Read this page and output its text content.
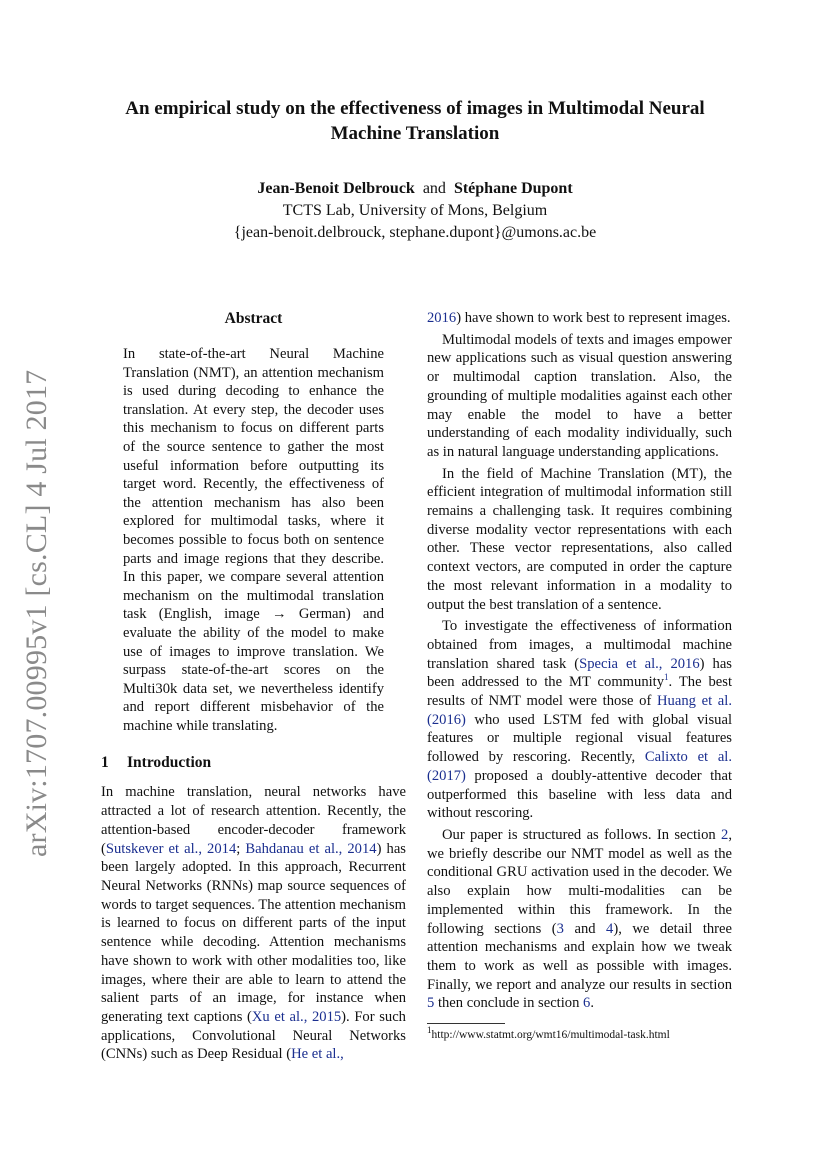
arXiv:1707.00995v1 [cs.CL] 4 Jul 2017
An empirical study on the effectiveness of images in Multimodal Neural Machine Translation
Jean-Benoit Delbrouck and Stéphane Dupont
TCTS Lab, University of Mons, Belgium
{jean-benoit.delbrouck, stephane.dupont}@umons.ac.be
Abstract
In state-of-the-art Neural Machine Translation (NMT), an attention mechanism is used during decoding to enhance the translation. At every step, the decoder uses this mechanism to focus on different parts of the source sentence to gather the most useful information before outputting its target word. Recently, the effectiveness of the attention mechanism has also been explored for multimodal tasks, where it becomes possible to focus both on sentence parts and image regions that they describe. In this paper, we compare several attention mechanism on the multimodal translation task (English, image → German) and evaluate the ability of the model to make use of images to improve translation. We surpass state-of-the-art scores on the Multi30k data set, we nevertheless identify and report different misbehavior of the machine while translating.
1 Introduction

In machine translation, neural networks have attracted a lot of research attention. Recently, the attention-based encoder-decoder framework (Sutskever et al., 2014; Bahdanau et al., 2014) has been largely adopted. In this approach, Recurrent Neural Networks (RNNs) map source sequences of words to target sequences. The attention mechanism is learned to focus on different parts of the input sentence while decoding. Attention mechanisms have shown to work with other modalities too, like images, where their are able to learn to attend the salient parts of an image, for instance when generating text captions (Xu et al., 2015). For such applications, Convolutional Neural Networks (CNNs) such as Deep Residual (He et al.,

2016) have shown to work best to represent images.

Multimodal models of texts and images empower new applications such as visual question answering or multimodal caption translation. Also, the grounding of multiple modalities against each other may enable the model to have a better understanding of each modality individually, such as in natural language understanding applications.

In the field of Machine Translation (MT), the efficient integration of multimodal information still remains a challenging task. It requires combining diverse modality vector representations with each other. These vector representations, also called context vectors, are computed in order the capture the most relevant information in a modality to output the best translation of a sentence.

To investigate the effectiveness of information obtained from images, a multimodal machine translation shared task (Specia et al., 2016) has been addressed to the MT community$^1$. The best results of NMT model were those of Huang et al. (2016) who used LSTM fed with global visual features or multiple regional visual features followed by rescoring. Recently, Calixto et al. (2017) proposed a doubly-attentive decoder that outperformed this baseline with less data and without rescoring.

Our paper is structured as follows. In section 2, we briefly describe our NMT model as well as the conditional GRU activation used in the decoder. We also explain how multi-modalities can be implemented within this framework. In the following sections (3 and 4), we detail three attention mechanisms and explain how we tweak them to work as well as possible with images. Finally, we report and analyze our results in section 5 then conclude in section 6.

$^1$http://www.statmt.org/wmt16/multimodal-task.html
